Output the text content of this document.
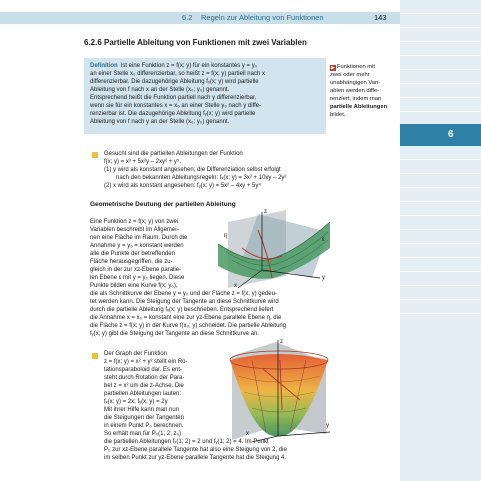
6.2 Regeln zur Ableitung von Funktionen	143
6
6.2.6 Partielle Ableitung von Funktionen mit zwei Variablen

Definition Ist eine Funktion z = f(x; y) für ein konstantes y = y₀

an einer Stelle x₀ differenzierbar, so heißt z = f(x; y) partiell nach x

differenzierbar. Die dazugehörige Ableitung fₓ(x; y) wird partielle

Ableitung von f nach x an der Stelle (x₀; y₀) genannt.

Entsprechend heißt die Funktion partiell nach y differenzierbar,

wenn sie für ein konstantes x = x₀ an einer Stelle y₀ nach y diffe-

renzierbar ist. Die dazugehörige Ableitung fᵧ(x; y) wird partielle

Ableitung von f nach y an der Stelle (x₀; y₀) genannt.

▶ Funktionen mit
zwei oder mehr
unabhängigen Vari-
ablen werden diffe-
renziert, indem man
partielle Ableitungen
bildet.

Gesucht sind die partiellen Ableitungen der Funktion

f(x; y) = x³ + 5x²y – 2xy² + y⁵.

(1) y wird als konstant angesehen; die Differenziation selbst erfolgt

nach den bekannten Ableitungsregeln: fₓ(x; y) = 3x² + 10xy – 2y²

(2) x wird als konstant angesehen: fᵧ(x; y) = 5x² – 4xy + 5y⁴

Geometrische Deutung der partiellen Ableitung

Eine Funktion z = f(x; y) von zwei

Variablen beschreibt im Allgemei-

nen eine Fläche im Raum. Durch die

Annahme y = y₀ = konstant werden

alle die Punkte der betreffenden

Fläche herausgegriffen, die zu-

gleich in der zur xz-Ebene paralle-

len Ebene ε mit y = y₀ liegen. Diese

Punkte bilden eine Kurve f(x; y₀),

z
η
ε
y
x

die als Schnittkurve der Ebene y = y₀ und der Fläche z = f(x; y) gedeu-

tet werden kann. Die Steigung der Tangente an diese Schnittkurve wird

durch die partielle Ableitung fₓ(x; y) beschrieben. Entsprechend liefert

die Annahme x = x₀ = konstant eine zur yz-Ebene parallele Ebene η, die

die Fläche z = f(x; y) in der Kurve f(x₀; y) schneidet. Die partielle Ableitung

fᵧ(x; y) gibt die Steigung der Tangente an diese Schnittkurve an.

Der Graph der Funktion

z = f(x; y) = x² + y² stellt ein Ro-

tationsparaboloid dar. Es ent-

steht durch Rotation der Para-

bel z = x² um die z-Achse. Die

partiellen Ableitungen lauten:

fₓ(x; y) = 2x; fᵧ(x; y) = 2y

Mit ihrer Hilfe kann man nun

die Steigungen der Tangenten

in einem Punkt P₀ berechnen.

So erhält man für P₀(1; 2; z₀)

z
y
x

die partiellen Ableitungen fₓ(1; 2) = 2 und fᵧ(1; 2) = 4. Im Punkt

P₀ zur xz-Ebene parallele Tangente hat also eine Steigung von 2, die

im selben Punkt zur yz-Ebene parallele Tangente hat die Steigung 4.
